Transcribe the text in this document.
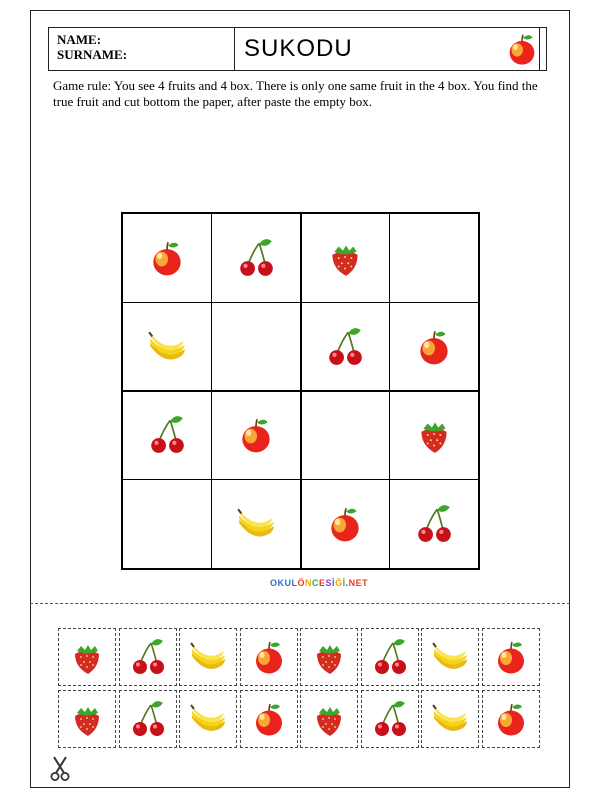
NAME:
SURNAME:	SUKODU
Game rule: You see 4 fruits and 4 box. There is only one same fruit in the 4 box. You find the true fruit and cut bottom the paper, after paste the empty box.
OKULÖNCESİĞİ.NET
